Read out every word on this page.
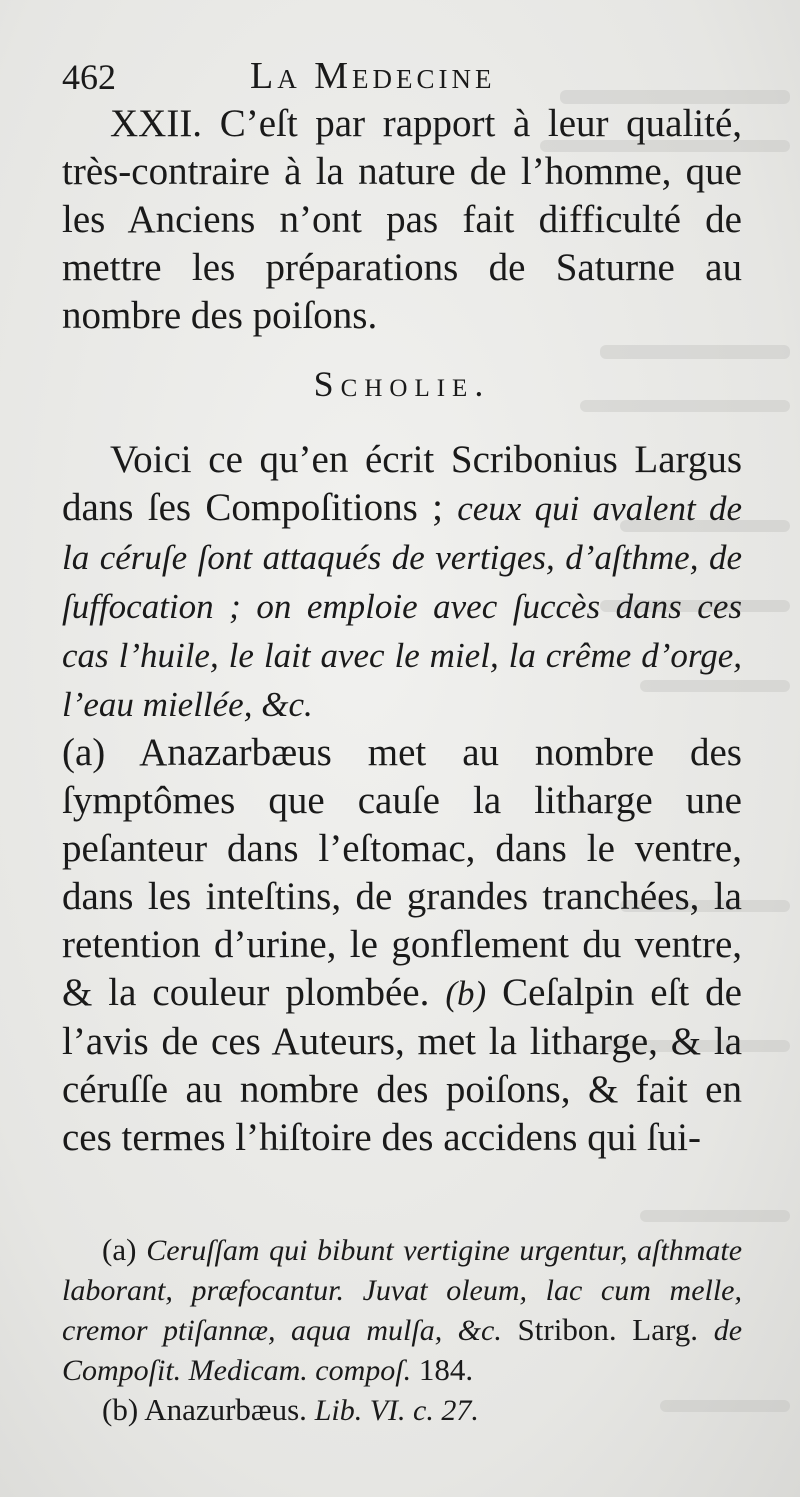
462	La Medecine

XXII. C’eſt par rapport à leur qualité, très-contraire à la nature de l’homme, que les Anciens n’ont pas fait difficulté de mettre les préparations de Saturne au nombre des poiſons.

Scholie.

Voici ce qu’en écrit Scribonius Largus dans ſes Compoſitions ; ceux qui avalent de la céruſe ſont attaqués de vertiges, d’aſthme, de ſuffocation ; on emploie avec ſuccès dans ces cas l’huile, le lait avec le miel, la crême d’orge, l’eau miellée, &c.

(a) Anazarbæus met au nombre des ſymptômes que cauſe la litharge une peſanteur dans l’eſtomac, dans le ventre, dans les inteſtins, de grandes tranchées, la retention d’urine, le gonflement du ventre, & la couleur plombée. (b) Ceſalpin eſt de l’avis de ces Auteurs, met la litharge, & la céruſſe au nombre des poiſons, & fait en ces termes l’hiſtoire des accidens qui ſui-

(a) Ceruſſam qui bibunt vertigine urgentur, aſthmate laborant, præfocantur. Juvat oleum, lac cum melle, cremor ptiſannæ, aqua mulſa, &c. Stribon. Larg. de Compoſit. Medicam. compoſ. 184.

(b) Anazurbæus. Lib. VI. c. 27.
